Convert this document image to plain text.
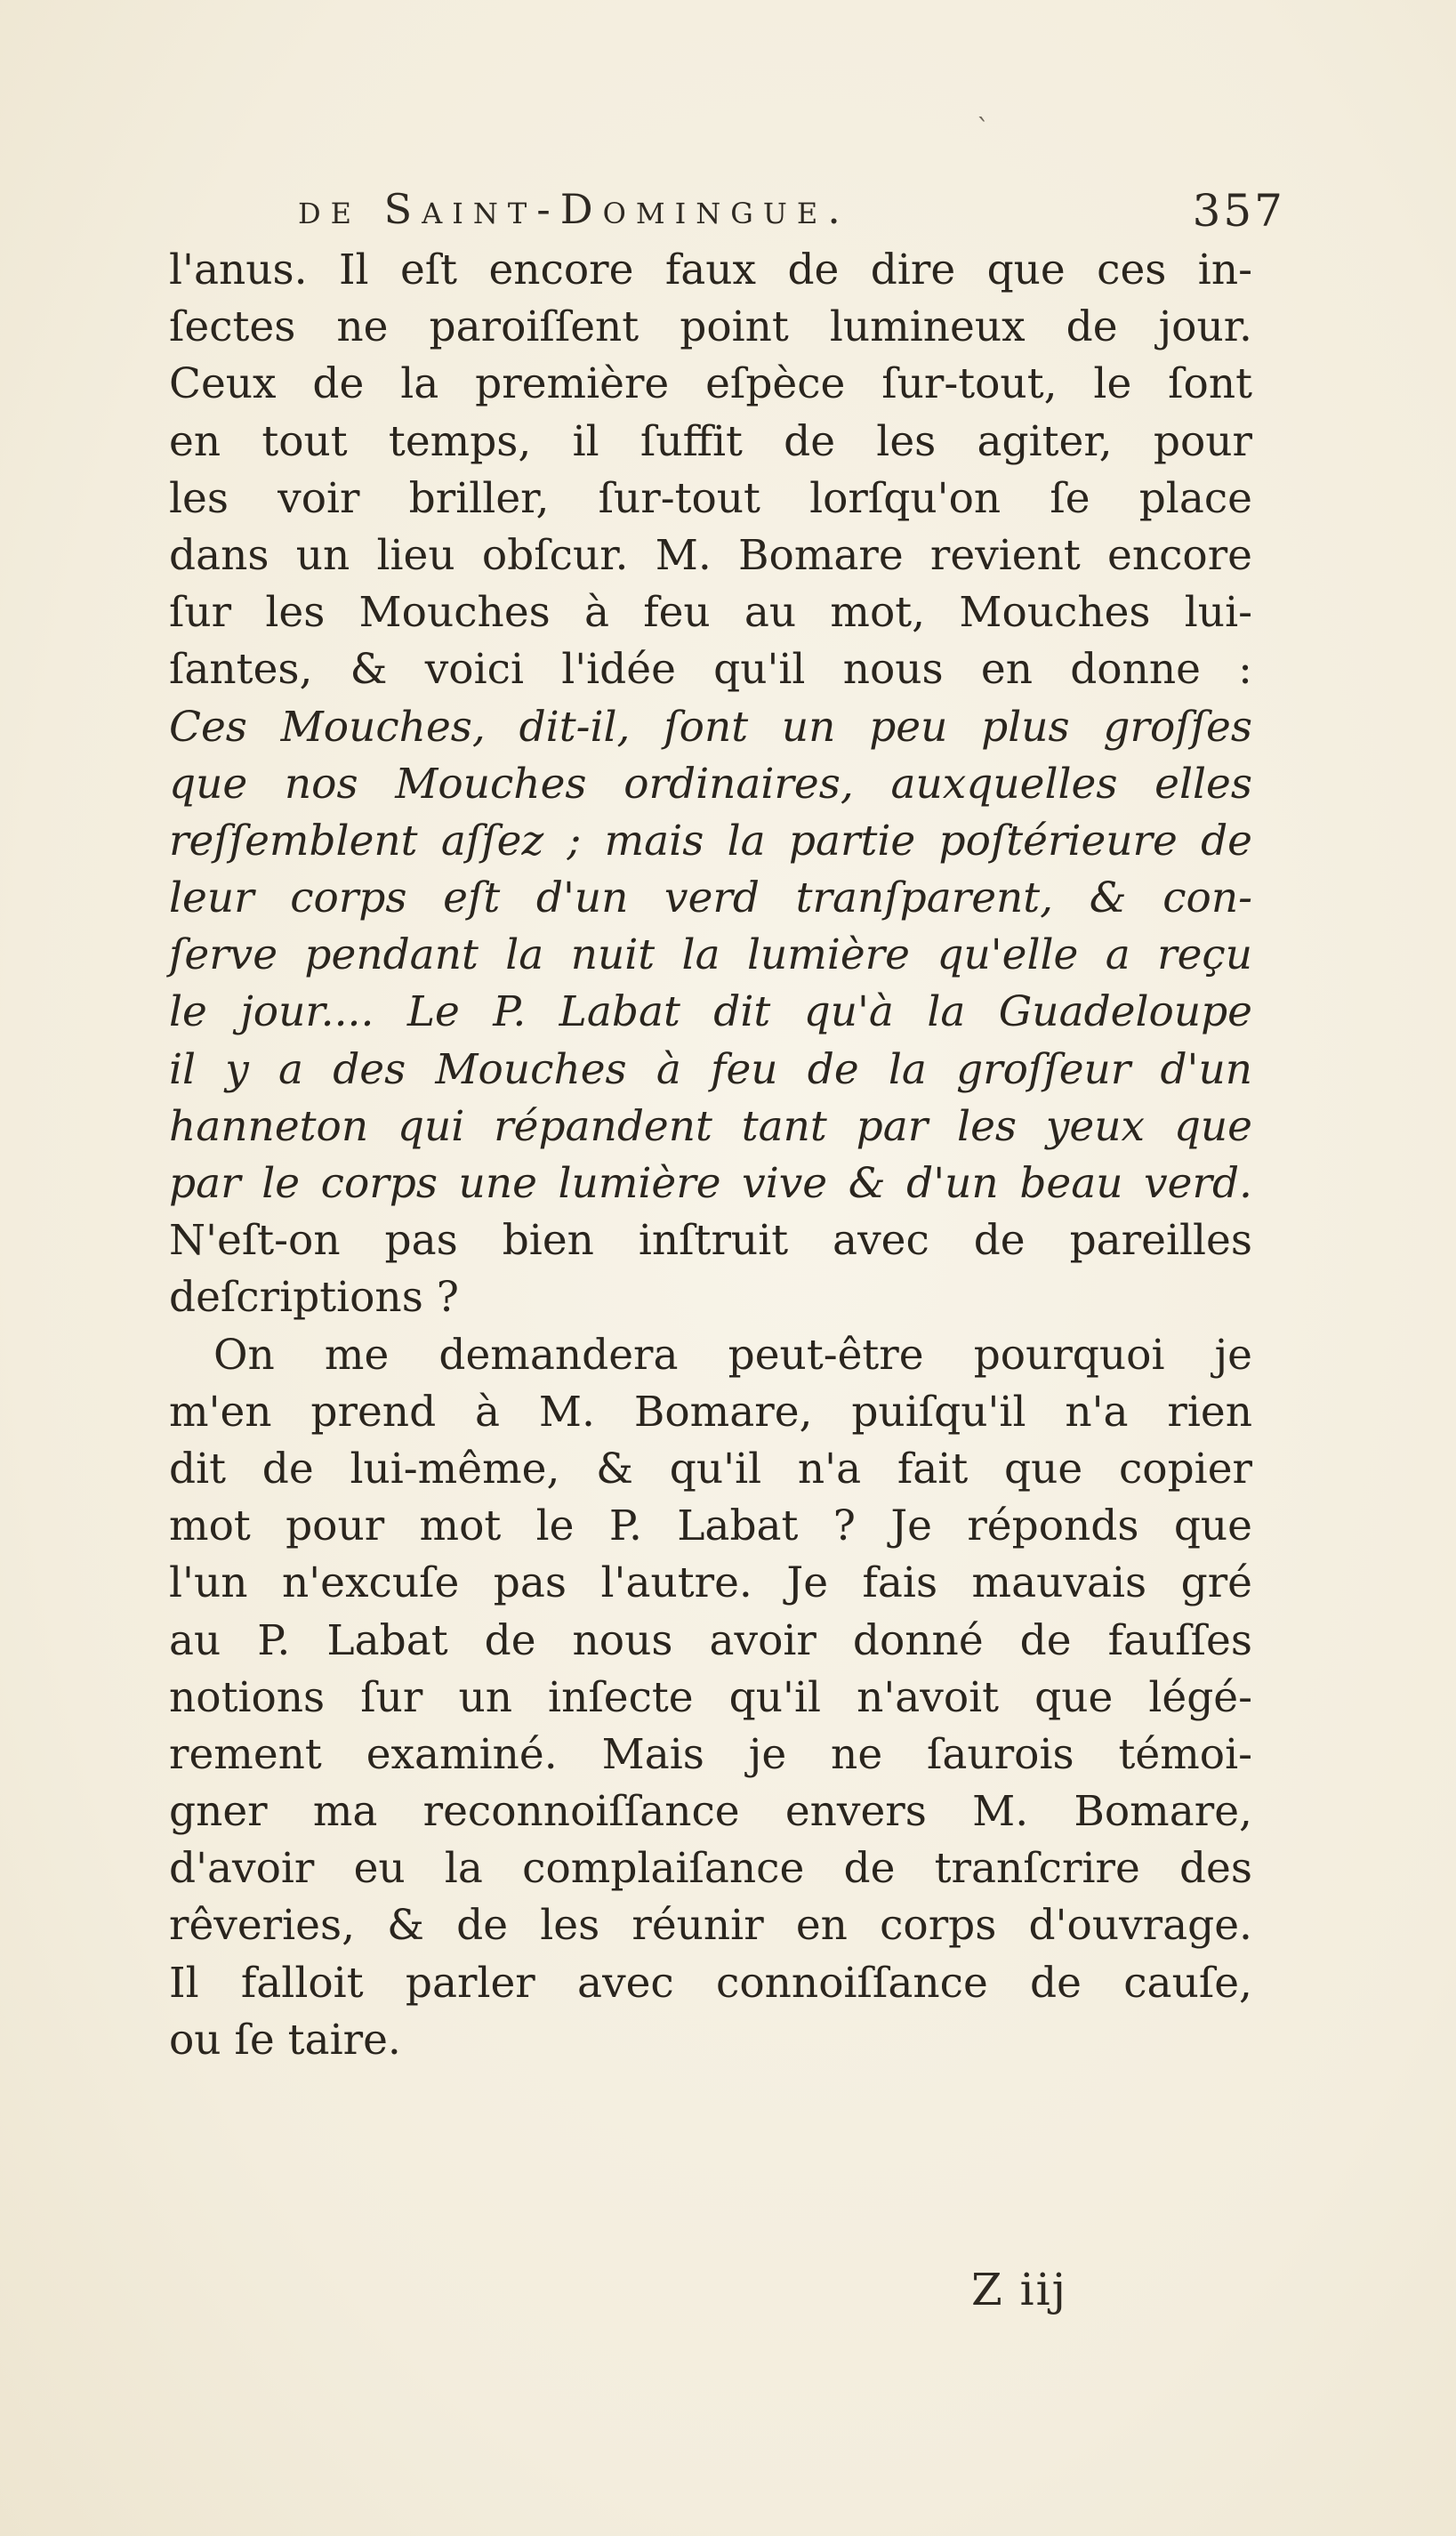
ˋ
de Saint-Domingue.	357
l'anus. Il eſt encore faux de dire que ces in-
ſectes ne paroiſſent point lumineux de jour.
Ceux de la première eſpèce ſur-tout, le ſont
en tout temps, il ſuffit de les agiter, pour
les voir briller, ſur-tout lorſqu'on ſe place
dans un lieu obſcur. M. Bomare revient encore
ſur les Mouches à feu au mot, Mouches lui-
ſantes, & voici l'idée qu'il nous en donne :
Ces Mouches, dit-il, ſont un peu plus groſſes
que nos Mouches ordinaires, auxquelles elles
reſſemblent aſſez ; mais la partie poſtérieure de
leur corps eſt d'un verd tranſparent, & con-
ſerve pendant la nuit la lumière qu'elle a reçu
le jour.... Le P. Labat dit qu'à la Guadeloupe
il y a des Mouches à feu de la groſſeur d'un
hanneton qui répandent tant par les yeux que
par le corps une lumière vive & d'un beau verd.
N'eſt-on pas bien inſtruit avec de pareilles
deſcriptions ?
On me demandera peut-être pourquoi je
m'en prend à M. Bomare, puiſqu'il n'a rien
dit de lui-même, & qu'il n'a fait que copier
mot pour mot le P. Labat ? Je réponds que
l'un n'excuſe pas l'autre. Je fais mauvais gré
au P. Labat de nous avoir donné de fauſſes
notions ſur un inſecte qu'il n'avoit que légé-
rement examiné. Mais je ne ſaurois témoi-
gner ma reconnoiſſance envers M. Bomare,
d'avoir eu la complaiſance de tranſcrire des
rêveries, & de les réunir en corps d'ouvrage.
Il falloit parler avec connoiſſance de cauſe,
ou ſe taire.
Z iij
